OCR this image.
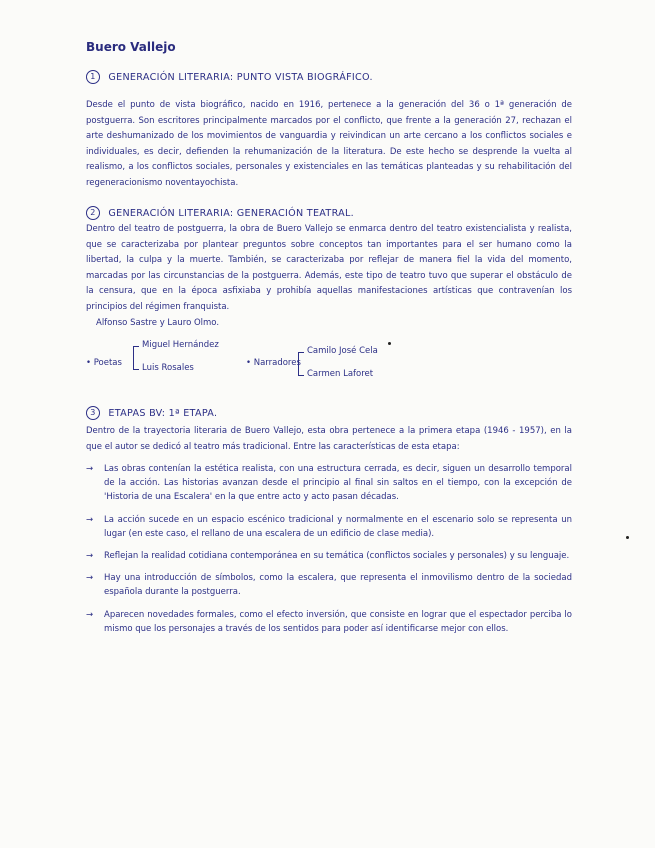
Buero Vallejo
1 GENERACIÓN LITERARIA: PUNTO VISTA BIOGRÁFICO.
Desde el punto de vista biográfico, nacido en 1916, pertenece a la generación del 36 o 1ª generación de postguerra. Son escritores principalmente marcados por el conflicto, que frente a la generación 27, rechazan el arte deshumanizado de los movimientos de vanguardia y reivindican un arte cercano a los conflictos sociales e individuales, es decir, defienden la rehumanización de la literatura. De este hecho se desprende la vuelta al realismo, a los conflictos sociales, personales y existenciales en las temáticas planteadas y su rehabilitación del regeneracionismo noventayochista.
2 GENERACIÓN LITERARIA: GENERACIÓN TEATRAL.
Dentro del teatro de postguerra, la obra de Buero Vallejo se enmarca dentro del teatro existencialista y realista, que se caracterizaba por plantear preguntos sobre conceptos tan importantes para el ser humano como la libertad, la culpa y la muerte. También, se caracterizaba por reflejar de manera fiel la vida del momento, marcadas por las circunstancias de la postguerra. Además, este tipo de teatro tuvo que superar el obstáculo de la censura, que en la época asfixiaba y prohibía aquellas manifestaciones artísticas que contravenían los principios del régimen franquista.
Alfonso Sastre y Lauro Olmo.
• Poetas
Miguel Hernández
Luis Rosales	• Narradores
Camilo José Cela
Carmen Laforet
3 ETAPAS BV: 1ª ETAPA.
Dentro de la trayectoria literaria de Buero Vallejo, esta obra pertenece a la primera etapa (1946 - 1957), en la que el autor se dedicó al teatro más tradicional. Entre las características de esta etapa:
→	Las obras contenían la estética realista, con una estructura cerrada, es decir, siguen un desarrollo temporal de la acción. Las historias avanzan desde el principio al final sin saltos en el tiempo, con la excepción de 'Historia de una Escalera' en la que entre acto y acto pasan décadas.
→	La acción sucede en un espacio escénico tradicional y normalmente en el escenario solo se representa un lugar (en este caso, el rellano de una escalera de un edificio de clase media).
→	Reflejan la realidad cotidiana contemporánea en su temática (conflictos sociales y personales) y su lenguaje.
→	Hay una introducción de símbolos, como la escalera, que representa el inmovilismo dentro de la sociedad española durante la postguerra.
→	Aparecen novedades formales, como el efecto inversión, que consiste en lograr que el espectador perciba lo mismo que los personajes a través de los sentidos para poder así identificarse mejor con ellos.
